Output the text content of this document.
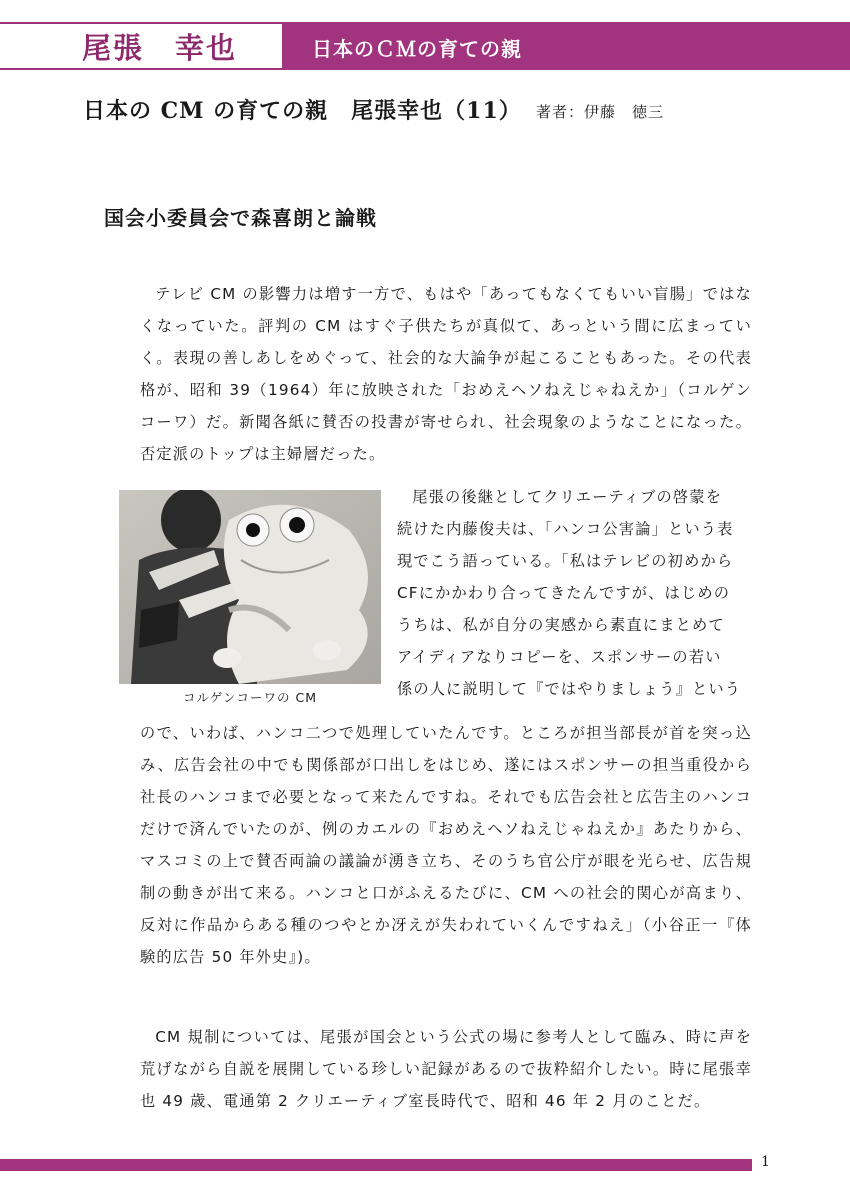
尾張　幸也	日本のＣＭの育ての親
日本の CM の育ての親　尾張幸也（11） 著者：伊藤　徳三
国会小委員会で森喜朗と論戦

テレビ CM の影響力は増す一方で、もはや「あってもなくてもいい盲腸」ではなくなっていた。評判の CM はすぐ子供たちが真似て、あっという間に広まっていく。表現の善しあしをめぐって、社会的な大論争が起こることもあった。その代表格が、昭和 39（1964）年に放映された「おめえヘソねえじゃねえか」（コルゲンコーワ）だ。新聞各紙に賛否の投書が寄せられ、社会現象のようなことになった。否定派のトップは主婦層だった。

コルゲンコーワの CM

尾張の後継としてクリエーティブの啓蒙を
続けた内藤俊夫は、「ハンコ公害論」という表
現でこう語っている。「私はテレビの初めから
CFにかかわり合ってきたんですが、はじめの
うちは、私が自分の実感から素直にまとめて
アイディアなりコピーを、スポンサーの若い
係の人に説明して『ではやりましょう』という

ので、いわば、ハンコ二つで処理していたんです。ところが担当部長が首を突っ込み、広告会社の中でも関係部が口出しをはじめ、遂にはスポンサーの担当重役から社長のハンコまで必要となって来たんですね。それでも広告会社と広告主のハンコだけで済んでいたのが、例のカエルの『おめえヘソねえじゃねえか』あたりから、マスコミの上で賛否両論の議論が湧き立ち、そのうち官公庁が眼を光らせ、広告規制の動きが出て来る。ハンコと口がふえるたびに、CM への社会的関心が高まり、反対に作品からある種のつやとか冴えが失われていくんですねえ」（小谷正一『体験的広告 50 年外史』)。

CM 規制については、尾張が国会という公式の場に参考人として臨み、時に声を荒げながら自説を展開している珍しい記録があるので抜粋紹介したい。時に尾張幸也 49 歳、電通第 2 クリエーティブ室長時代で、昭和 46 年 2 月のことだ。

1
